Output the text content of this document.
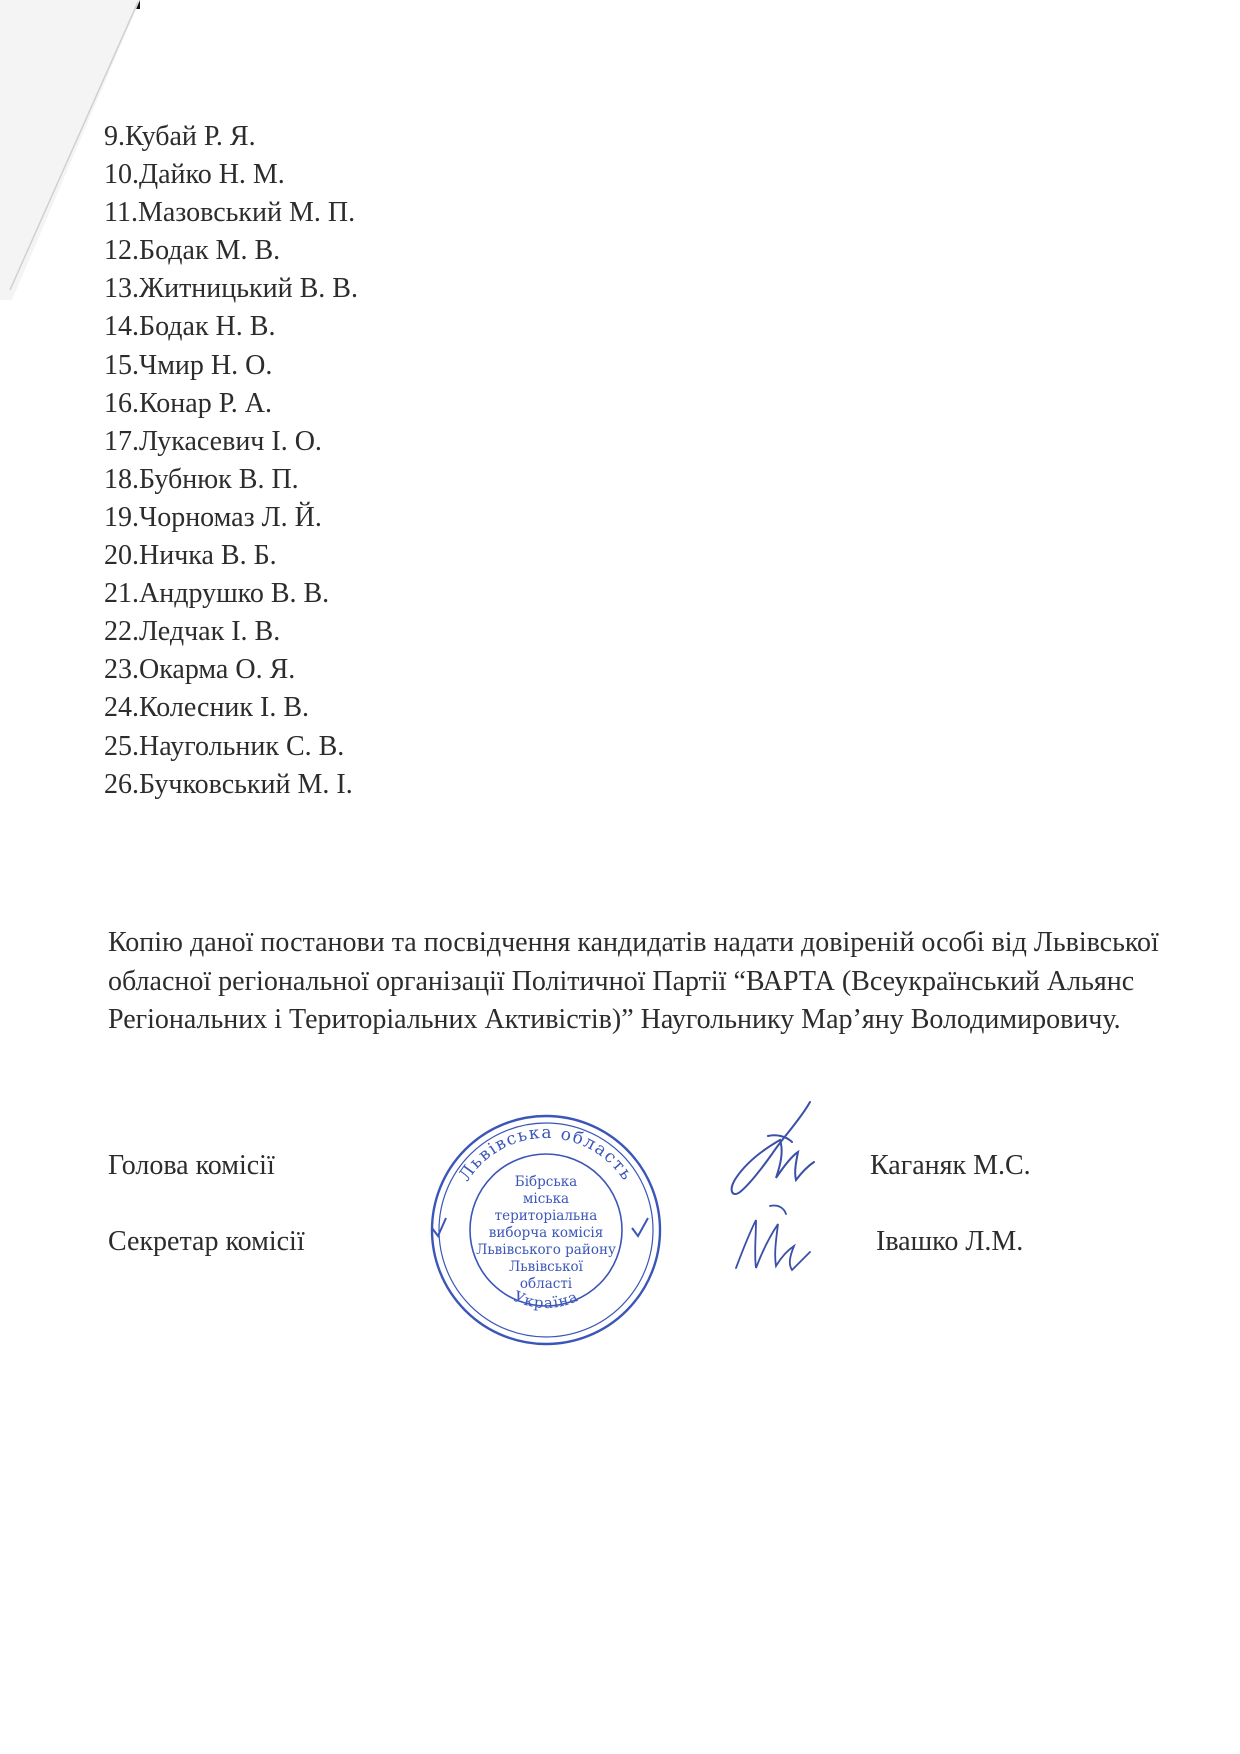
9.Кубай Р. Я.
10.Дайко Н. М.
11.Мазовський М. П.
12.Бодак М. В.
13.Житницький В. В.
14.Бодак Н. В.
15.Чмир Н. О.
16.Конар Р. А.
17.Лукасевич І. О.
18.Бубнюк В. П.
19.Чорномаз Л. Й.
20.Ничка В. Б.
21.Андрушко В. В.
22.Ледчак І. В.
23.Окарма О. Я.
24.Колесник І. В.
25.Наугольник С. В.
26.Бучковський М. І.

Копію даної постанови та посвідчення кандидатів надати довіреній особі від Львівської обласної регіональної організації Політичної Партії “ВАРТА (Всеукраїнський Альянс Регіональних і Територіальних Активістів)” Наугольнику Мар’яну Володимировичу.

Голова комісії	Каганяк М.С.
Секретар комісії	Івашко Л.М.
Львівська область
Україна
Бібрська
міська
територіальна
виборча комісія
Львівського району
Львівської
області
